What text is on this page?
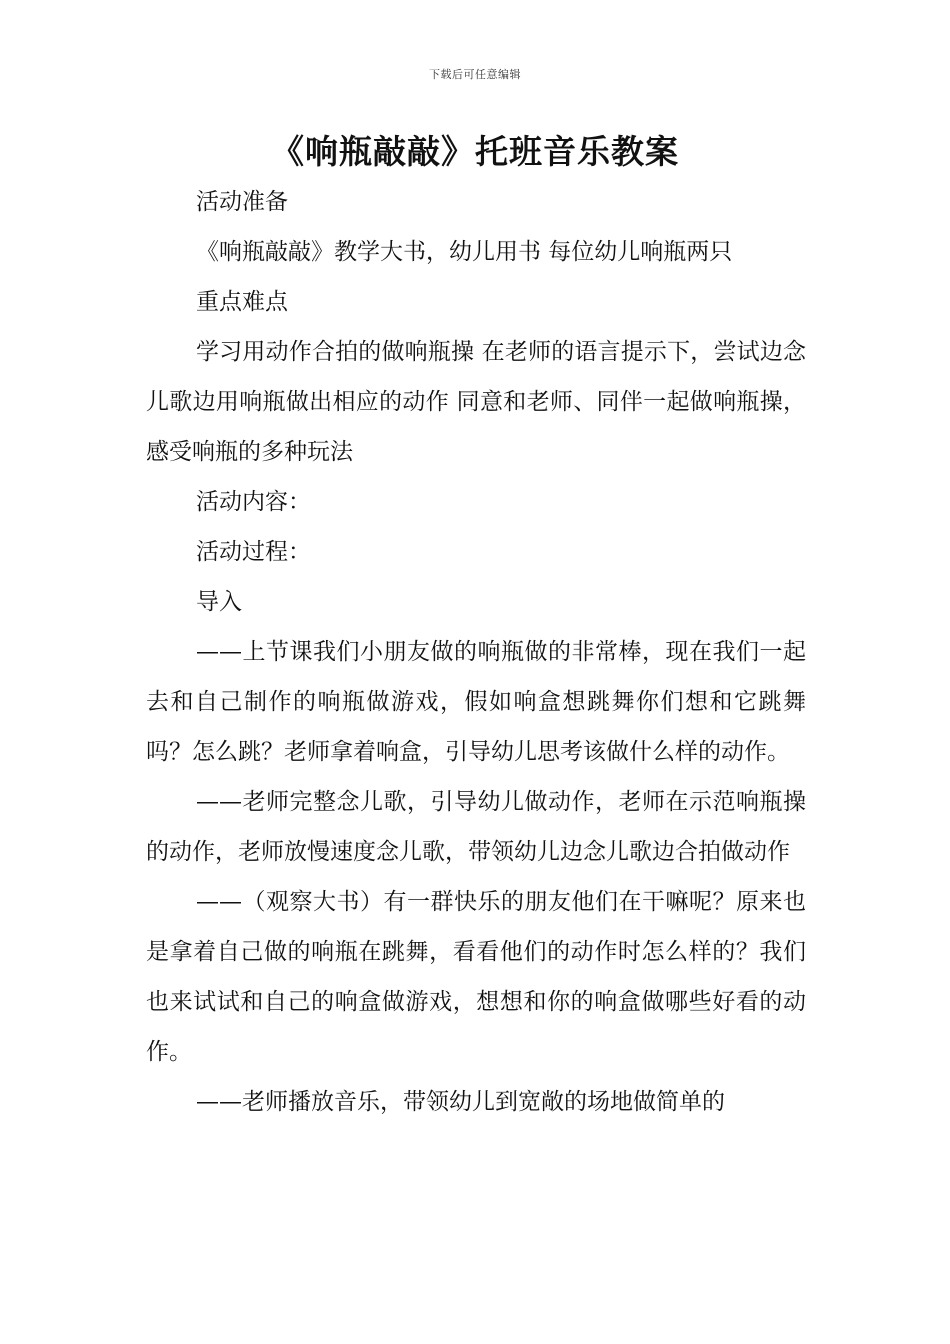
下载后可任意编辑
《响瓶敲敲》托班音乐教案

活动准备

《响瓶敲敲》教学大书，幼儿用书 每位幼儿响瓶两只

重点难点

学习用动作合拍的做响瓶操 在老师的语言提示下，尝试边念儿歌边用响瓶做出相应的动作 同意和老师、同伴一起做响瓶操，感受响瓶的多种玩法

活动内容：

活动过程：

导入

——上节课我们小朋友做的响瓶做的非常棒，现在我们一起去和自己制作的响瓶做游戏，假如响盒想跳舞你们想和它跳舞吗？怎么跳？老师拿着响盒，引导幼儿思考该做什么样的动作。

——老师完整念儿歌，引导幼儿做动作，老师在示范响瓶操的动作，老师放慢速度念儿歌，带领幼儿边念儿歌边合拍做动作

——（观察大书）有一群快乐的朋友他们在干嘛呢？原来也是拿着自己做的响瓶在跳舞，看看他们的动作时怎么样的？我们也来试试和自己的响盒做游戏，想想和你的响盒做哪些好看的动作。

——老师播放音乐，带领幼儿到宽敞的场地做简单的
